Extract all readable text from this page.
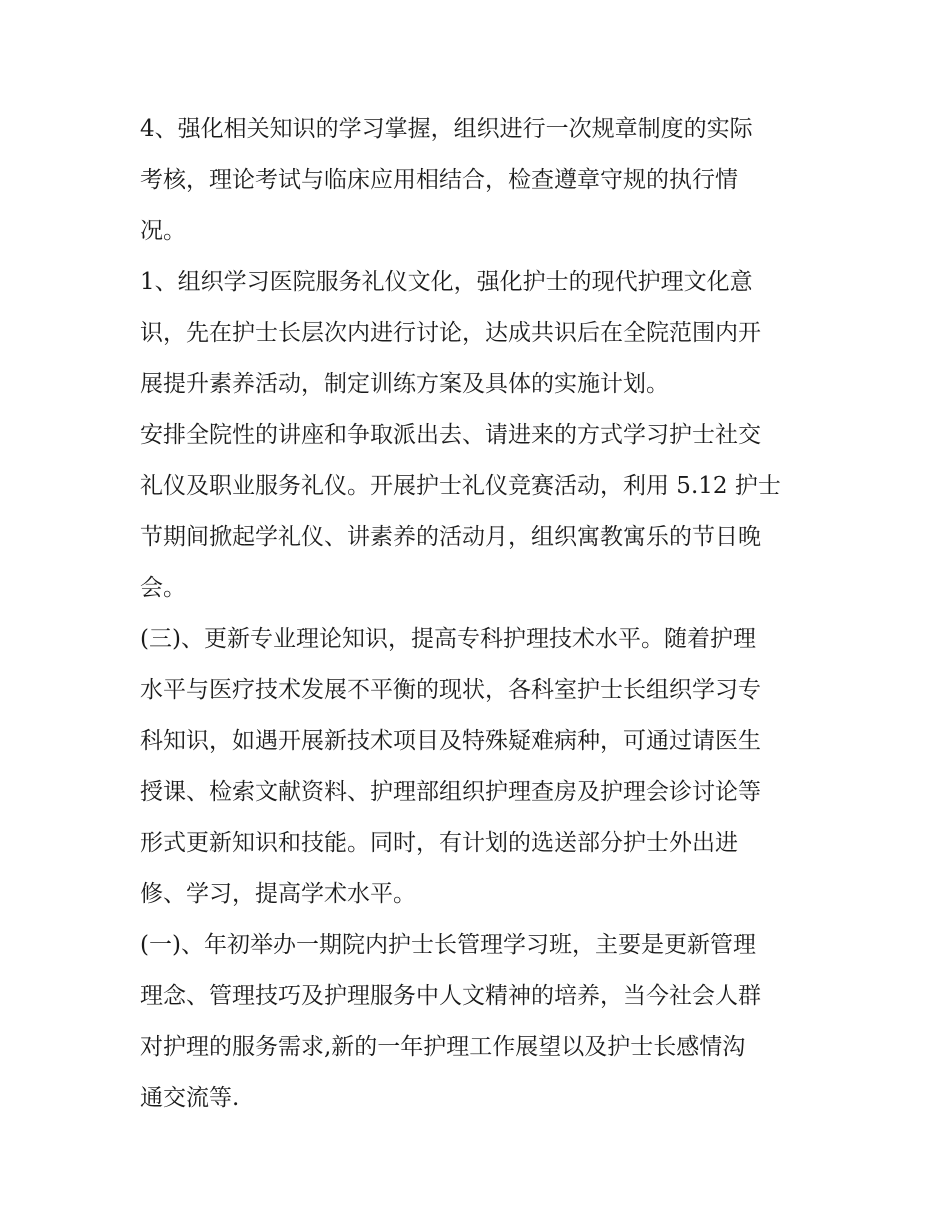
4、强化相关知识的学习掌握，组织进行一次规章制度的实际
考核，理论考试与临床应用相结合，检查遵章守规的执行情
况。

1、组织学习医院服务礼仪文化，强化护士的现代护理文化意
识，先在护士长层次内进行讨论，达成共识后在全院范围内开
展提升素养活动，制定训练方案及具体的实施计划。

安排全院性的讲座和争取派出去、请进来的方式学习护士社交
礼仪及职业服务礼仪。开展护士礼仪竞赛活动，利用 5.12 护士
节期间掀起学礼仪、讲素养的活动月，组织寓教寓乐的节日晚
会。

(三)、更新专业理论知识，提高专科护理技术水平。随着护理
水平与医疗技术发展不平衡的现状，各科室护士长组织学习专
科知识，如遇开展新技术项目及特殊疑难病种，可通过请医生
授课、检索文献资料、护理部组织护理查房及护理会诊讨论等
形式更新知识和技能。同时，有计划的选送部分护士外出进
修、学习，提高学术水平。

(一)、年初举办一期院内护士长管理学习班，主要是更新管理
理念、管理技巧及护理服务中人文精神的培养，当今社会人群
对护理的服务需求,新的一年护理工作展望以及护士长感情沟
通交流等.
